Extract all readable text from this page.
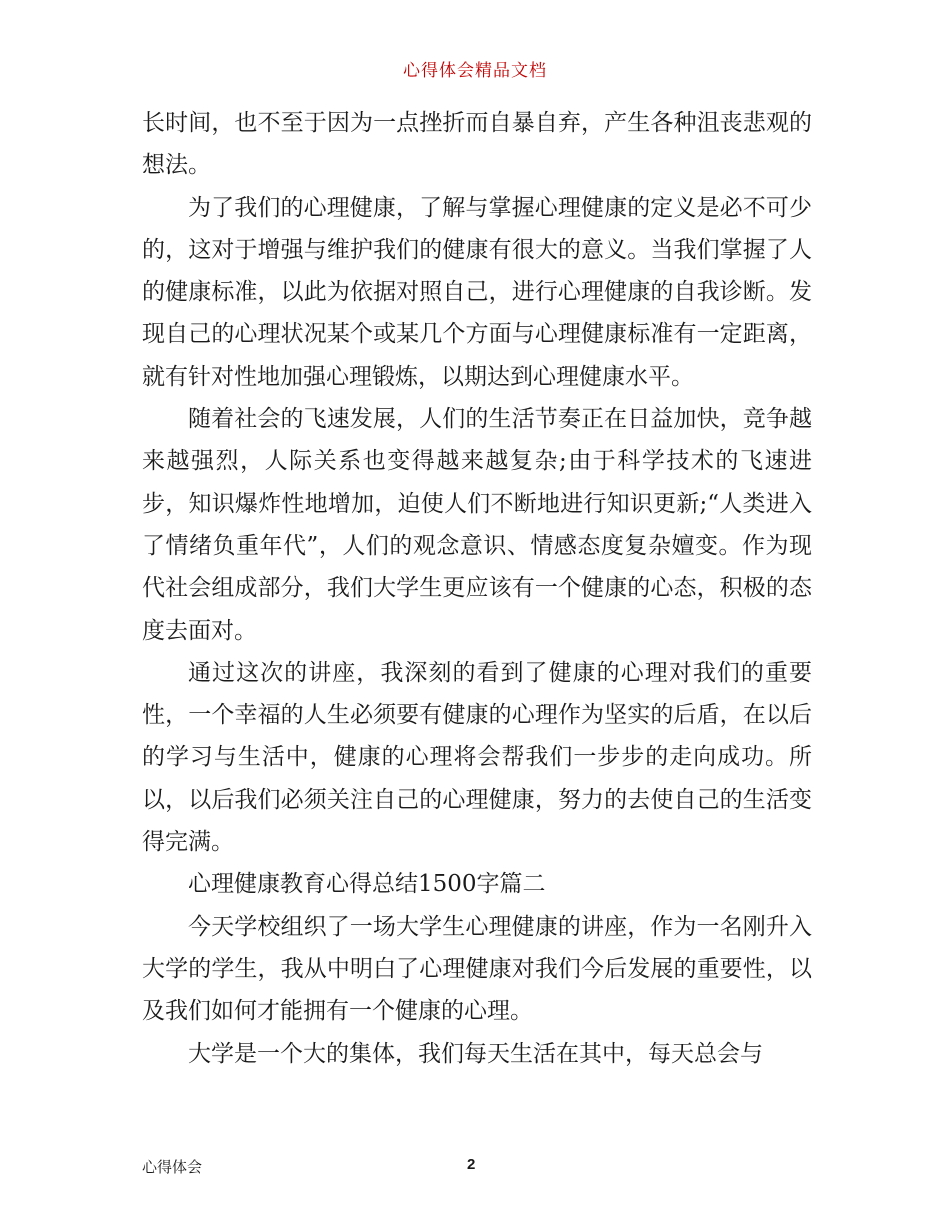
心得体会精品文档

长时间，也不至于因为一点挫折而自暴自弃，产生各种沮丧悲观的想法。

为了我们的心理健康，了解与掌握心理健康的定义是必不可少的，这对于增强与维护我们的健康有很大的意义。当我们掌握了人的健康标准，以此为依据对照自己，进行心理健康的自我诊断。发现自己的心理状况某个或某几个方面与心理健康标准有一定距离，就有针对性地加强心理锻炼，以期达到心理健康水平。

随着社会的飞速发展，人们的生活节奏正在日益加快，竞争越来越强烈，人际关系也变得越来越复杂;由于科学技术的飞速进步，知识爆炸性地增加，迫使人们不断地进行知识更新;“人类进入了情绪负重年代”，人们的观念意识、情感态度复杂嬗变。作为现代社会组成部分，我们大学生更应该有一个健康的心态，积极的态度去面对。

通过这次的讲座，我深刻的看到了健康的心理对我们的重要性，一个幸福的人生必须要有健康的心理作为坚实的后盾，在以后的学习与生活中，健康的心理将会帮我们一步步的走向成功。所以，以后我们必须关注自己的心理健康，努力的去使自己的生活变得完满。

心理健康教育心得总结1500字篇二

今天学校组织了一场大学生心理健康的讲座，作为一名刚升入大学的学生，我从中明白了心理健康对我们今后发展的重要性，以及我们如何才能拥有一个健康的心理。

大学是一个大的集体，我们每天生活在其中，每天总会与

心得体会	2
